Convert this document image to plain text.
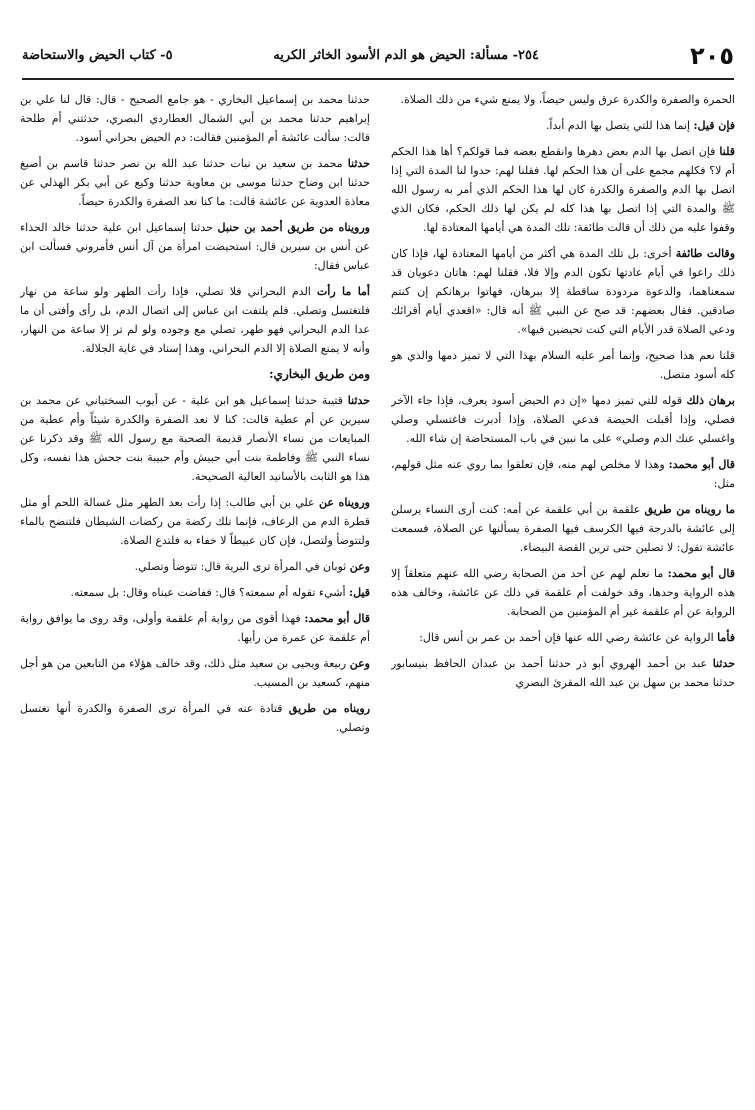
٢٠٥
٢٥٤- مسألة: الحيض هو الدم الأسود الخاثر الكريه
٥- كتاب الحيض والاستحاضة

الحمرة والصفرة والكدرة عرق وليس حيضاً، ولا يمنع شيء من ذلك الصلاة.

فإن قيل: إنما هذا للتي يتصل بها الدم أبداً.

قلنا فإن اتصل بها الدم بعض دهرها وانقطع بعضه فما قولكم؟ أها هذا الحكم أم لا؟ فكلهم مجمع على أن هذا الحكم لها. فقلنا لهم: حدوا لنا المدة التي إذا اتصل بها الدم والصفرة والكدرة كان لها هذا الحكم الذي أمر به رسول الله ﷺ والمدة التي إذا اتصل بها هذا كله لم يكن لها ذلك الحكم، فكان الذي وقفوا عليه من ذلك أن قالت طائفة: تلك المدة هي أيامها المعتادة لها.

وقالت طائفة أخرى: بل تلك المدة هي أكثر من أيامها المعتادة لها، فإذا كان ذلك راعوا في أيام عادتها تكون الدم وإلا فلا، فقلنا لهم: هاتان دعويان قد سمعناهما، والدعوة مردودة ساقطة إلا ببرهان، فهاتوا برهانكم إن كنتم صادقين. فقال بعضهم: قد صح عن النبي ﷺ أنه قال: «اقعدي أيام أقرائك ودعي الصلاة قدر الأيام التي كنت تحيضين فيها».

قلنا نعم هذا صحيح، وإنما أمر عليه السلام بهذا التي لا تميز دمها والذي هو كله أسود متصل.

برهان ذلك قوله للتي تميز دمها «إن دم الحيض أسود يعرف، فإذا جاء الآخر فصلي، وإذا أقبلت الحيضة فدعي الصلاة، وإذا أدبرت فاغتسلي وصلي واغسلي عنك الدم وصلي» على ما نبين في باب المستحاضة إن شاء الله.

قال أبو محمد: وهذا لا مخلص لهم منه، فإن تعلقوا بما روي عنه مثل قولهم، مثل:

ما رويناه من طريق علقمة بن أبي علقمة عن أمه: كنت أرى النساء يرسلن إلى عائشة بالدرجة فيها الكرسف فيها الصفرة يسألنها عن الصلاة، فسمعت عائشة تقول: لا تصلين حتى ترين القصة البيضاء.

قال أبو محمد: ما نعلم لهم عن أحد من الصحابة رضي الله عنهم متعلقاً إلا هذه الرواية وحدها، وقد خولفت أم علقمة في ذلك عن عائشة، وخالف هذه الرواية عن أم علقمة غير أم المؤمنين من الصحابة.

فأما الرواية عن عائشة رضي الله عنها فإن أحمد بن عمر بن أنس قال:

حدثنا عبد بن أحمد الهروي أبو ذر حدثنا أحمد بن عبدان الحافظ بنيسابور حدثنا محمد بن سهل بن عبد الله المقرئ البصري

حدثنا محمد بن إسماعيل البخاري - هو جامع الصحيح - قال: قال لنا علي بن إبراهيم حدثنا محمد بن أبي الشمال العطاردي البصري، حدثتني أم طلحة قالت: سألت عائشة أم المؤمنين فقالت: دم الحيض بحراني أسود.

حدثنا محمد بن سعيد بن نبات حدثنا عبد الله بن نصر حدثنا قاسم بن أصبغ حدثنا ابن وضاح حدثنا موسى بن معاوية حدثنا وكيع عن أبي بكر الهذلي عن معاذة العدوية عن عائشة قالت: ما كنا نعد الصفرة والكدرة حيضاً.

ورويناه من طريق أحمد بن حنبل حدثنا إسماعيل ابن علية حدثنا خالد الحذاء عن أنس بن سيرين قال: استحيضت امرأة من آل أنس فأمروني فسألت ابن عباس فقال:

أما ما رأت الدم البحراني فلا تصلي، فإذا رأت الطهر ولو ساعة من نهار فلتغتسل وتصلي. فلم يلتفت ابن عباس إلى اتصال الدم، بل رأى وأفتى أن ما عدا الدم البحراني فهو طهر، تصلي مع وجوده ولو لم تر إلا ساعة من النهار، وأنه لا يمنع الصلاة إلا الدم البحراني، وهذا إسناد في غاية الجلالة.

ومن طريق البخاري:

حدثنا قتيبة حدثنا إسماعيل هو ابن علية - عن أيوب السختياني عن محمد بن سيرين عن أم عطية قالت: كنا لا نعد الصفرة والكدرة شيئاً وأم عطية من المبايعات من نساء الأنصار قديمة الصحبة مع رسول الله ﷺ وقد ذكرنا عن نساء النبي ﷺ وفاطمة بنت أبي حبيش وأم حبيبة بنت جحش هذا نفسه، وكل هذا هو الثابت بالأسانيد العالية الصحيحة.

ورويناه عن علي بن أبي طالب: إذا رأت بعد الطهر مثل غسالة اللحم أو مثل قطرة الدم من الرعاف، فإنما تلك ركضة من ركضات الشيطان فلتنضح بالماء ولتتوضأ ولتصل، فإن كان عبيطاً لا خفاء به فلتدع الصلاة.

وعن ثوبان في المرأة ترى البرية قال: تتوضأ وتصلي.

قيل: أشيء تقوله أم سمعته؟ قال: ففاضت عيناه وقال: بل سمعته.

قال أبو محمد: فهذا أقوى من رواية أم علقمة وأولى، وقد روى ما يوافق رواية أم علقمة عن عمرة من رأيها.

وعن ربيعة ويحيى بن سعيد مثل ذلك، وقد خالف هؤلاء من التابعين من هو أجل منهم، كسعيد بن المسيب.

رويناه من طريق قتادة عنه في المرأة ترى الصفرة والكدرة أنها تغتسل وتصلي.
